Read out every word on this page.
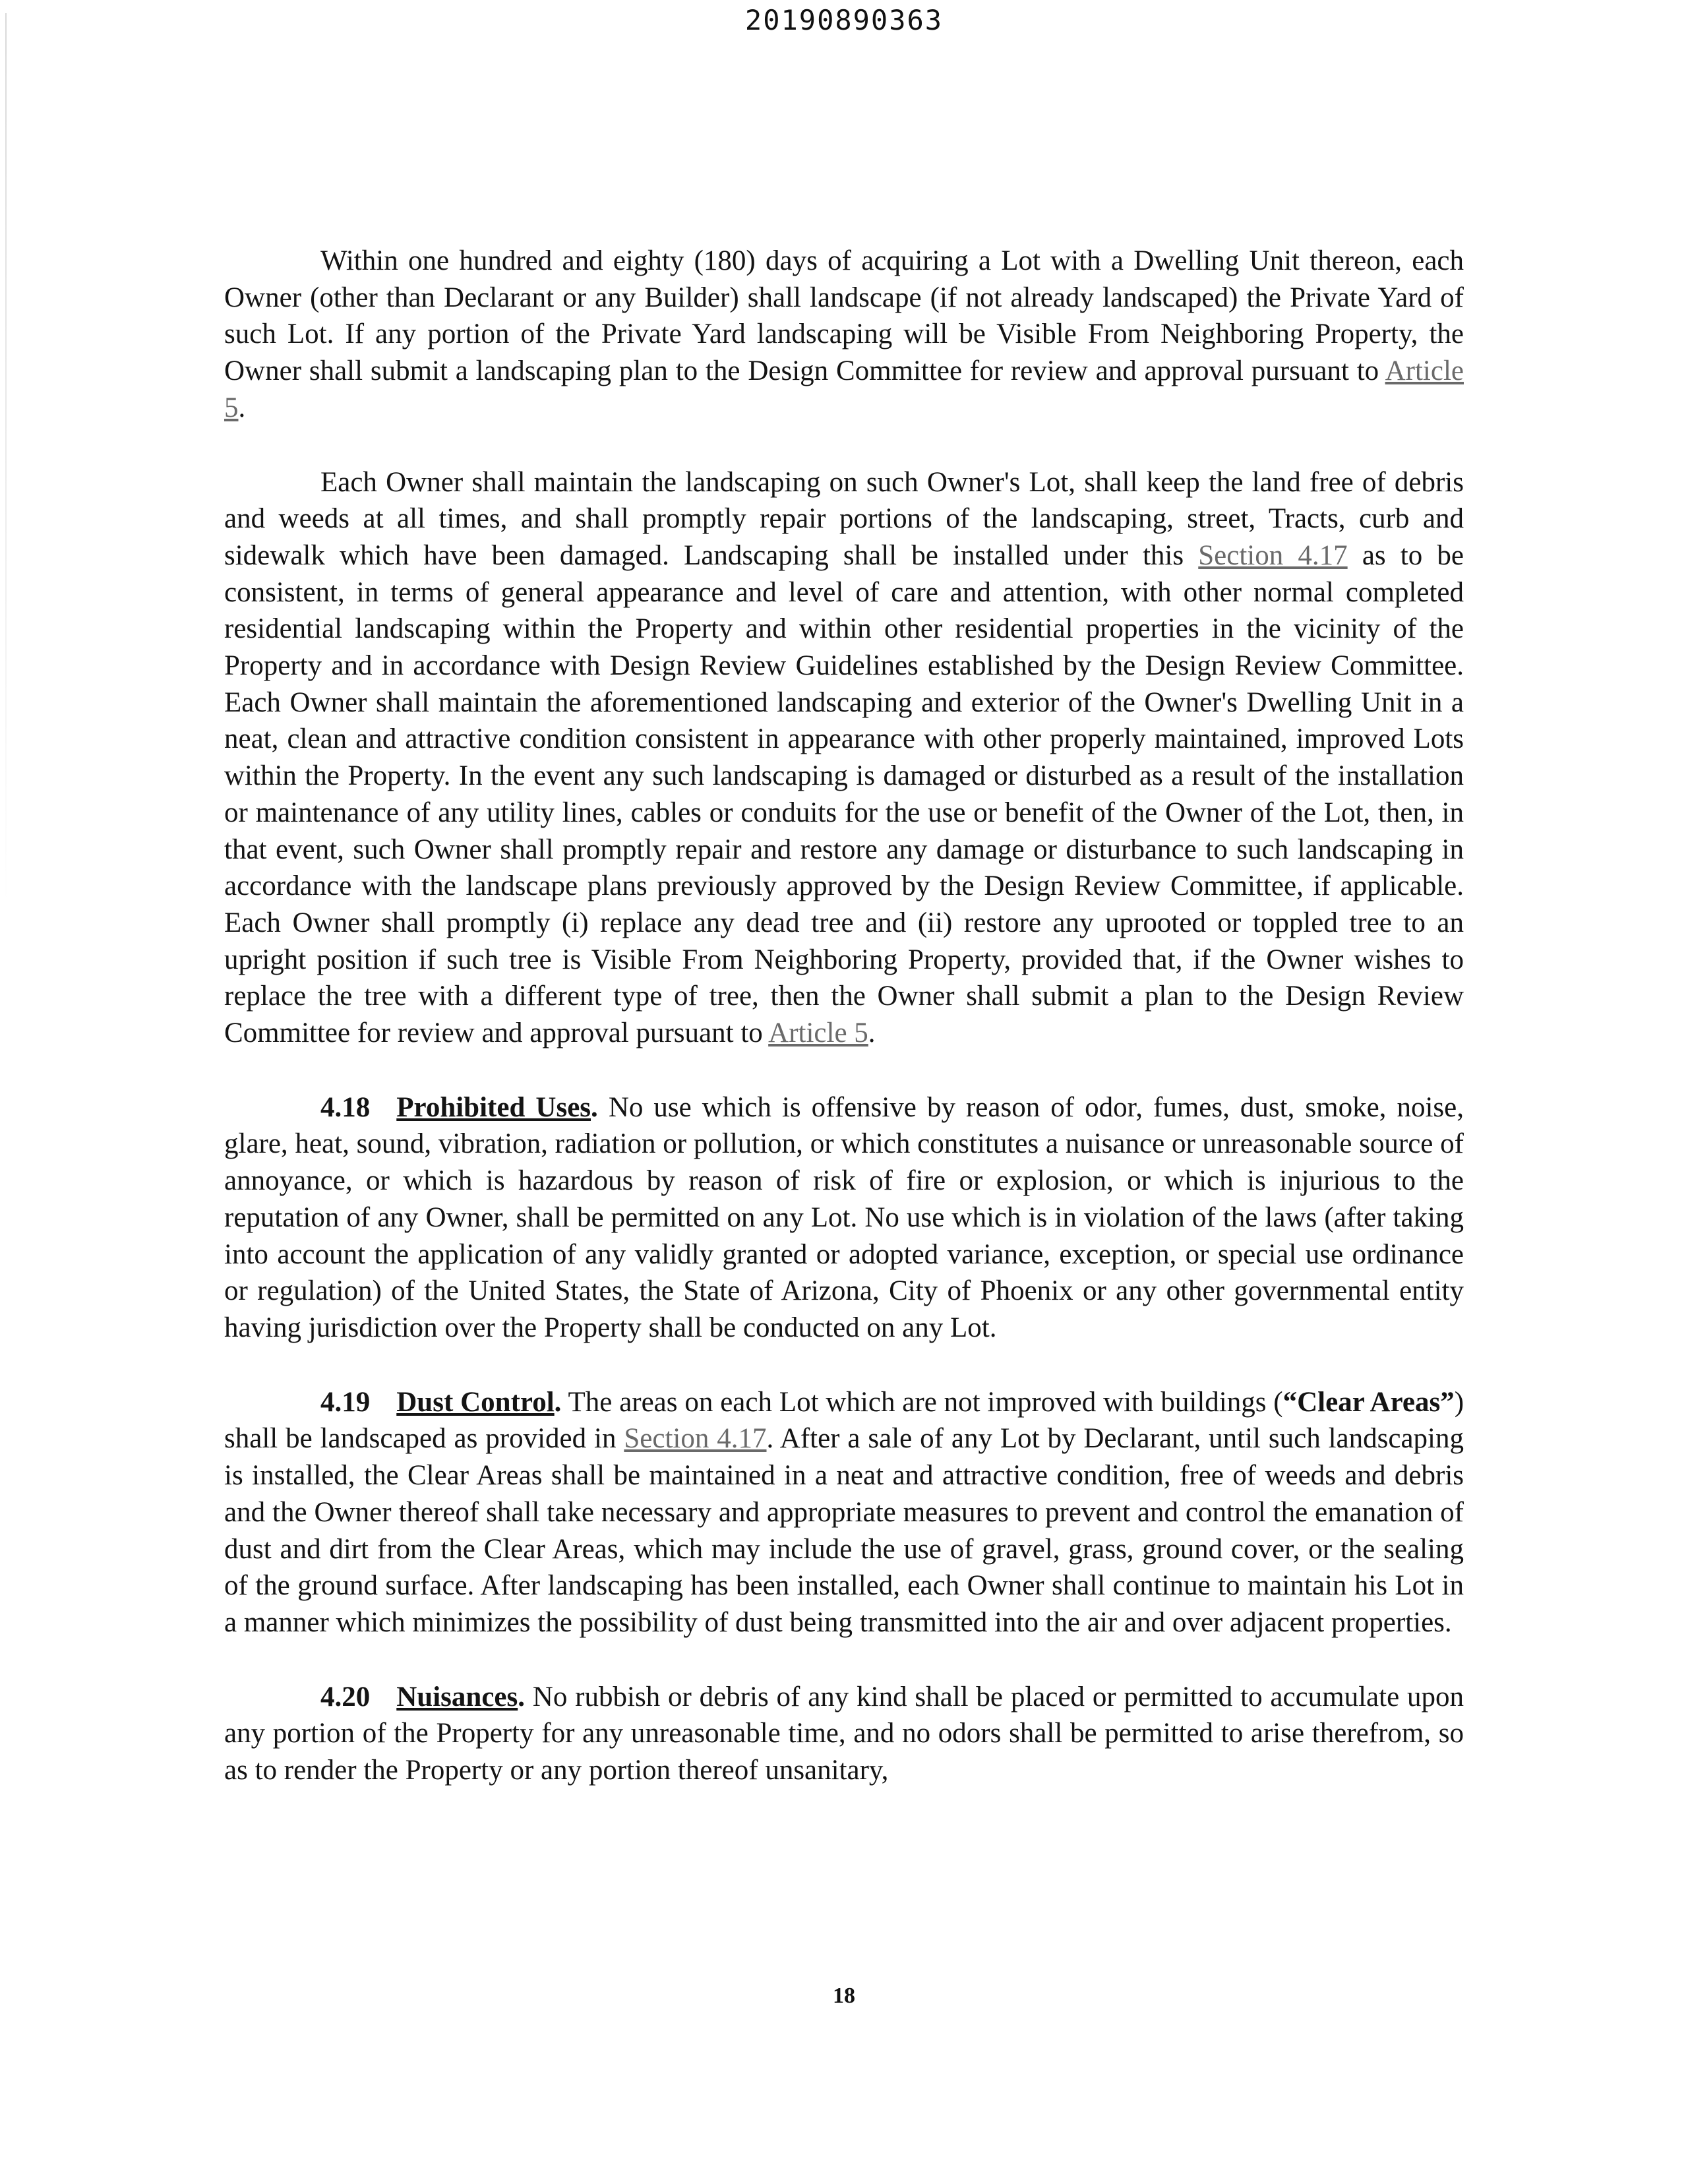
20190890363

Within one hundred and eighty (180) days of acquiring a Lot with a Dwelling Unit thereon, each Owner (other than Declarant or any Builder) shall landscape (if not already landscaped) the Private Yard of such Lot. If any portion of the Private Yard landscaping will be Visible From Neighboring Property, the Owner shall submit a landscaping plan to the Design Committee for review and approval pursuant to Article 5.

Each Owner shall maintain the landscaping on such Owner's Lot, shall keep the land free of debris and weeds at all times, and shall promptly repair portions of the landscaping, street, Tracts, curb and sidewalk which have been damaged. Landscaping shall be installed under this Section 4.17 as to be consistent, in terms of general appearance and level of care and attention, with other normal completed residential landscaping within the Property and within other residential properties in the vicinity of the Property and in accordance with Design Review Guidelines established by the Design Review Committee. Each Owner shall maintain the aforementioned landscaping and exterior of the Owner's Dwelling Unit in a neat, clean and attractive condition consistent in appearance with other properly maintained, improved Lots within the Property. In the event any such landscaping is damaged or disturbed as a result of the installation or maintenance of any utility lines, cables or conduits for the use or benefit of the Owner of the Lot, then, in that event, such Owner shall promptly repair and restore any damage or disturbance to such landscaping in accordance with the landscape plans previously approved by the Design Review Committee, if applicable. Each Owner shall promptly (i) replace any dead tree and (ii) restore any uprooted or toppled tree to an upright position if such tree is Visible From Neighboring Property, provided that, if the Owner wishes to replace the tree with a different type of tree, then the Owner shall submit a plan to the Design Review Committee for review and approval pursuant to Article 5.

4.18 Prohibited Uses. No use which is offensive by reason of odor, fumes, dust, smoke, noise, glare, heat, sound, vibration, radiation or pollution, or which constitutes a nuisance or unreasonable source of annoyance, or which is hazardous by reason of risk of fire or explosion, or which is injurious to the reputation of any Owner, shall be permitted on any Lot. No use which is in violation of the laws (after taking into account the application of any validly granted or adopted variance, exception, or special use ordinance or regulation) of the United States, the State of Arizona, City of Phoenix or any other governmental entity having jurisdiction over the Property shall be conducted on any Lot.

4.19 Dust Control. The areas on each Lot which are not improved with buildings (“Clear Areas”) shall be landscaped as provided in Section 4.17. After a sale of any Lot by Declarant, until such landscaping is installed, the Clear Areas shall be maintained in a neat and attractive condition, free of weeds and debris and the Owner thereof shall take necessary and appropriate measures to prevent and control the emanation of dust and dirt from the Clear Areas, which may include the use of gravel, grass, ground cover, or the sealing of the ground surface. After landscaping has been installed, each Owner shall continue to maintain his Lot in a manner which minimizes the possibility of dust being transmitted into the air and over adjacent properties.

4.20 Nuisances. No rubbish or debris of any kind shall be placed or permitted to accumulate upon any portion of the Property for any unreasonable time, and no odors shall be permitted to arise therefrom, so as to render the Property or any portion thereof unsanitary,

18
